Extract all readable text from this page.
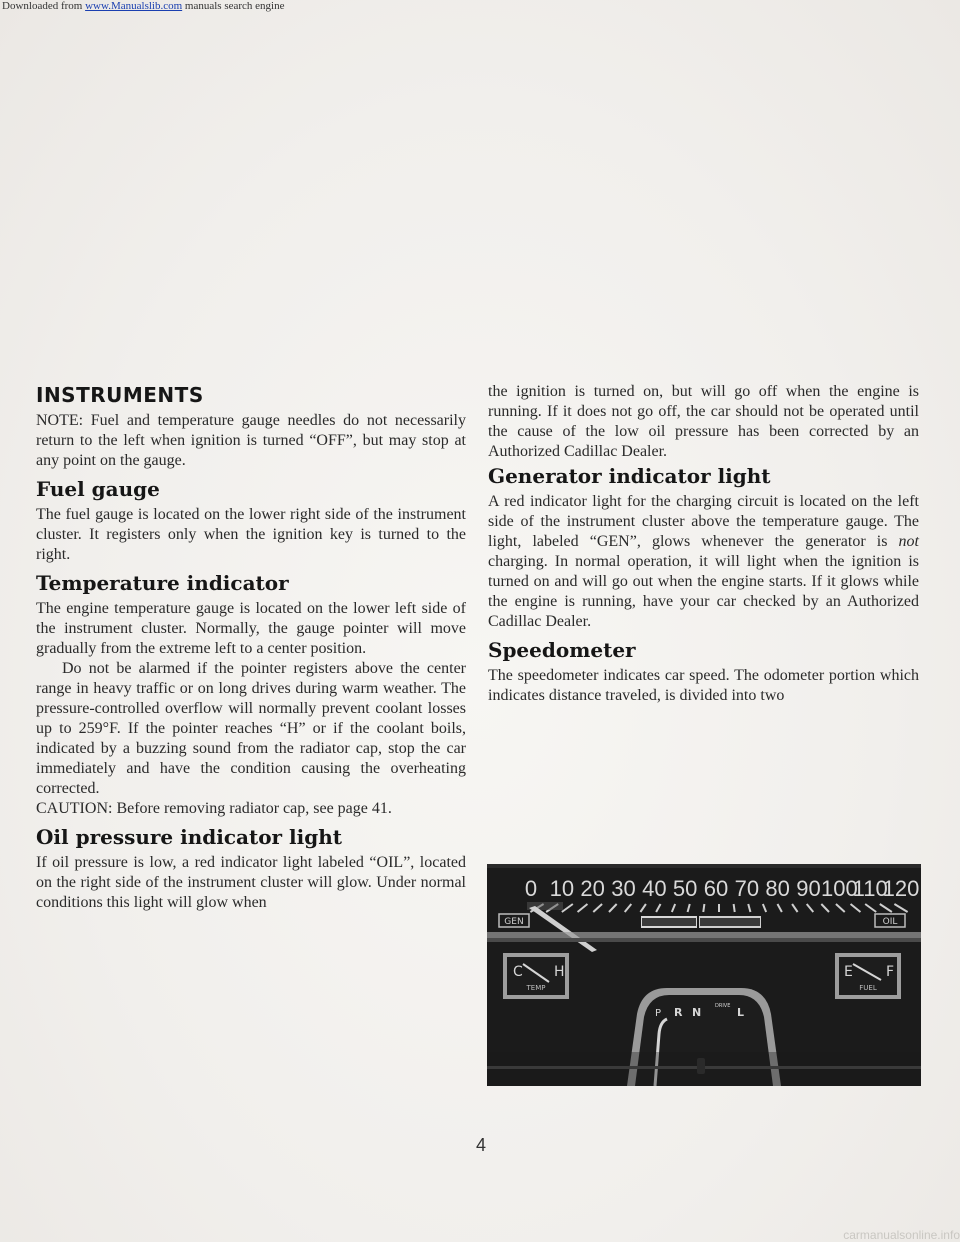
Downloaded from www.Manualslib.com manuals search engine
INSTRUMENTS

NOTE: Fuel and temperature gauge needles do not necessarily return to the left when ignition is turned “OFF”, but may stop at any point on the gauge.

Fuel gauge

The fuel gauge is located on the lower right side of the instrument cluster. It registers only when the ignition key is turned to the right.

Temperature indicator

The engine temperature gauge is located on the lower left side of the instrument cluster. Normally, the gauge pointer will move gradually from the extreme left to a center position.

Do not be alarmed if the pointer registers above the center range in heavy traffic or on long drives during warm weather. The pressure-controlled overflow will normally prevent coolant losses up to 259°F. If the pointer reaches “H” or if the coolant boils, indicated by a buzzing sound from the radiator cap, stop the car immediately and have the condition causing the overheating corrected.

CAUTION: Before removing radiator cap, see page 41.

Oil pressure indicator light

If oil pressure is low, a red indicator light labeled “OIL”, located on the right side of the instrument cluster will glow. Under normal conditions this light will glow when

the ignition is turned on, but will go off when the engine is running. If it does not go off, the car should not be operated until the cause of the low oil pressure has been corrected by an Authorized Cadillac Dealer.

Generator indicator light

A red indicator light for the charging circuit is located on the left side of the instrument cluster above the temperature gauge. The light, labeled “GEN”, glows whenever the generator is not charging. In normal operation, it will light when the ignition is turned on and will go out when the engine starts. If it glows while the engine is running, have your car checked by an Authorized Cadillac Dealer.

Speedometer

The speedometer indicates car speed. The odometer portion which indicates distance traveled, is divided into two

0 10 20 30 40 50 60 70 80 90 100
110
120
GEN	OIL
C H
TEMP
E F
FUEL
P R N	DRIVE L
4
carmanualsonline.info
